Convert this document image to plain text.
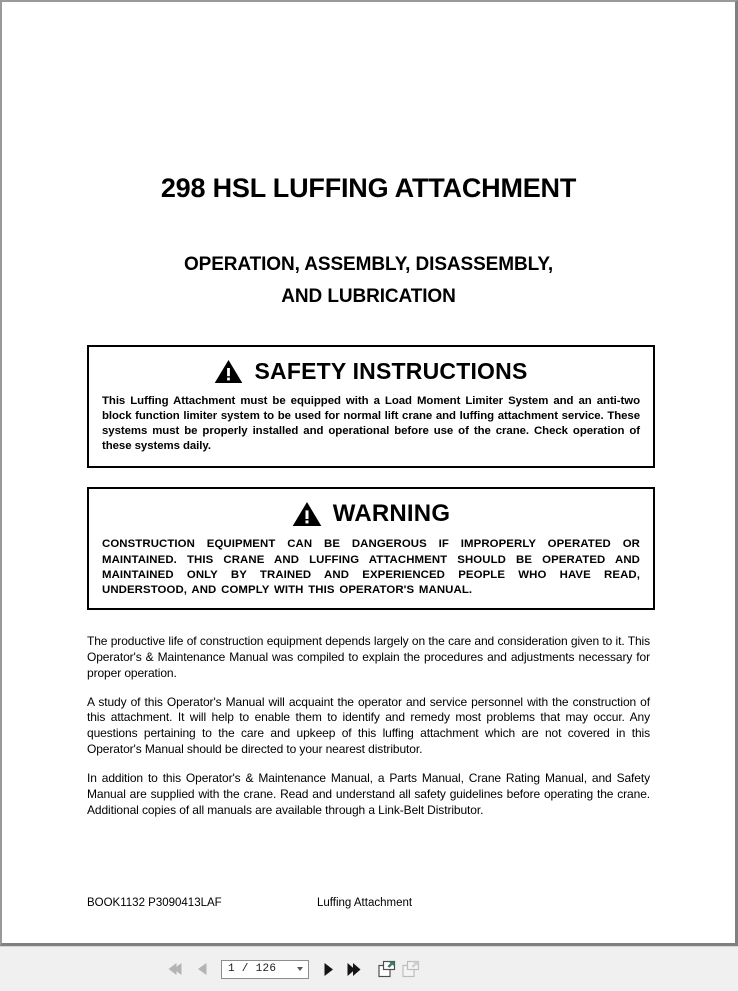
298 HSL LUFFING ATTACHMENT
OPERATION, ASSEMBLY, DISASSEMBLY,
AND LUBRICATION
SAFETY INSTRUCTIONS
This Luffing Attachment must be equipped with a Load Moment Limiter System and an anti-two block function limiter system to be used for normal lift crane and luffing attachment service. These systems must be properly installed and operational before use of the crane. Check operation of these systems daily.
WARNING
CONSTRUCTION EQUIPMENT CAN BE DANGEROUS IF IMPROPERLY OPERATED OR MAINTAINED. THIS CRANE AND LUFFING ATTACHMENT SHOULD BE OPERATED AND MAINTAINED ONLY BY TRAINED AND EXPERIENCED PEOPLE WHO HAVE READ, UNDERSTOOD, AND COMPLY WITH THIS OPERATOR'S MANUAL.

The productive life of construction equipment depends largely on the care and consideration given to it. This Operator's & Maintenance Manual was compiled to explain the procedures and adjustments necessary for proper operation.

A study of this Operator's Manual will acquaint the operator and service personnel with the construction of this attachment. It will help to enable them to identify and remedy most problems that may occur. Any questions pertaining to the care and upkeep of this luffing attachment which are not covered in this Operator's Manual should be directed to your nearest distributor.

In addition to this Operator's & Maintenance Manual, a Parts Manual, Crane Rating Manual, and Safety Manual are supplied with the crane. Read and understand all safety guidelines before operating the crane. Additional copies of all manuals are available through a Link-Belt Distributor.

BOOK1132 P3090413LAF	Luffing Attachment
1 / 126
